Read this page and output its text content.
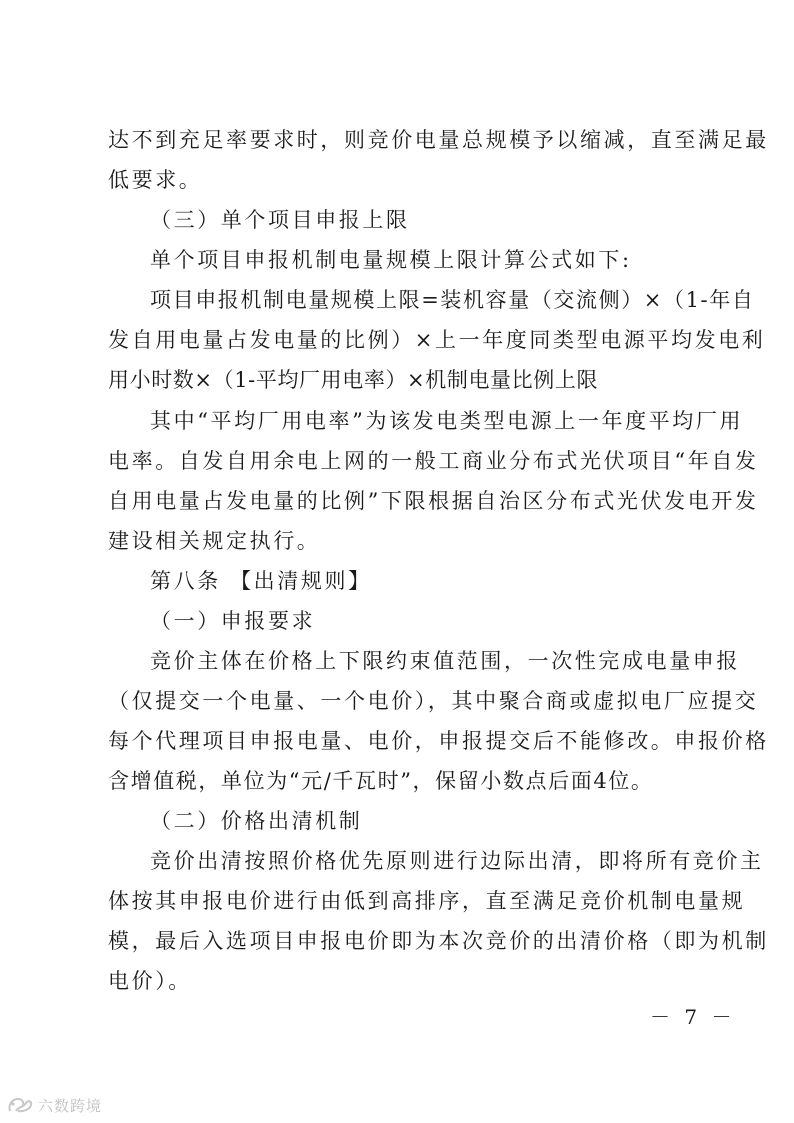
达不到充足率要求时，则竞价电量总规模予以缩减，直至满足最
低要求。
（三）单个项目申报上限
单个项目申报机制电量规模上限计算公式如下:
项目申报机制电量规模上限=装机容量（交流侧）×（1-年自
发自用电量占发电量的比例）×上一年度同类型电源平均发电利
用小时数×（1-平均厂用电率）×机制电量比例上限
其中“平均厂用电率”为该发电类型电源上一年度平均厂用
电率。自发自用余电上网的一般工商业分布式光伏项目“年自发
自用电量占发电量的比例”下限根据自治区分布式光伏发电开发
建设相关规定执行。
第八条 【出清规则】
（一）申报要求
竞价主体在价格上下限约束值范围，一次性完成电量申报
（仅提交一个电量、一个电价），其中聚合商或虚拟电厂应提交
每个代理项目申报电量、电价，申报提交后不能修改。申报价格
含增值税，单位为“元/千瓦时”，保留小数点后面4位。
（二）价格出清机制
竞价出清按照价格优先原则进行边际出清，即将所有竞价主
体按其申报电价进行由低到高排序，直至满足竞价机制电量规
模，最后入选项目申报电价即为本次竞价的出清价格（即为机制
电价）。
－ 7 －
六数跨境
